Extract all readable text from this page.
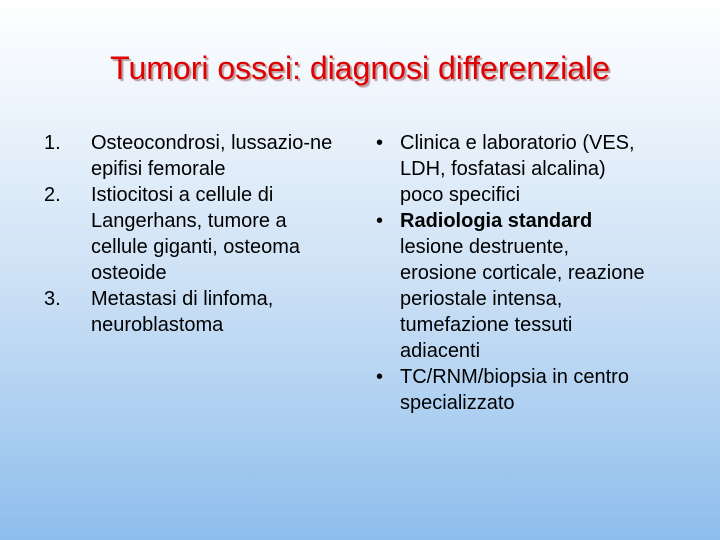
Tumori ossei: diagnosi differenziale
1. Osteocondrosi, lussazio-ne epifisi femorale
2. Istiocitosi a cellule di Langerhans, tumore a cellule giganti, osteoma osteoide
3. Metastasi di linfoma, neuroblastoma
• Clinica e laboratorio (VES, LDH, fosfatasi alcalina) poco specifici
• Radiologia standard lesione destruente, erosione corticale, reazione periostale intensa, tumefazione tessuti adiacenti
• TC/RNM/biopsia in centro specializzato
